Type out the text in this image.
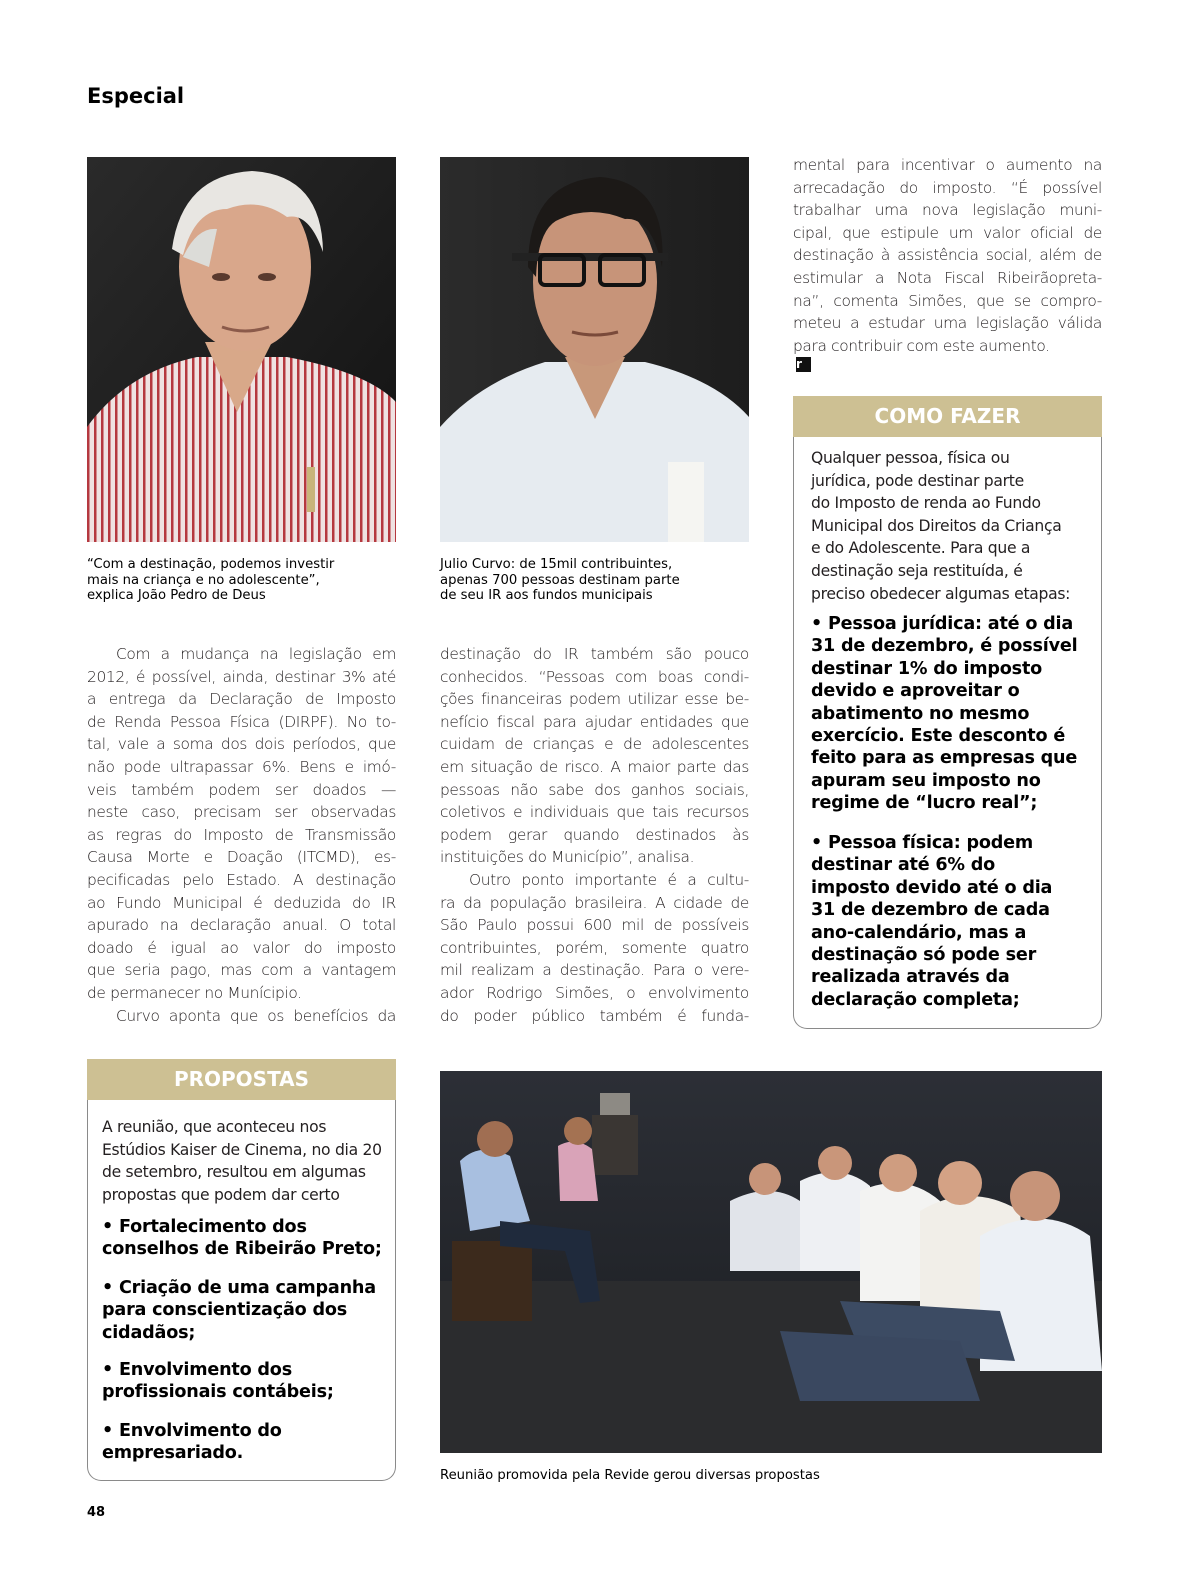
Especial
“Com a destinação, podemos investir
mais na criança e no adolescente”,
explica João Pedro de Deus
Julio Curvo: de 15mil contribuintes,
apenas 700 pessoas destinam parte
de seu IR aos fundos municipais
mental para incentivar o aumento na
arrecadação do imposto. “É possível
trabalhar uma nova legislação muni-
cipal, que estipule um valor oficial de
destinação à assistência social, além de
estimular a Nota Fiscal Ribeirãopreta-
na”, comenta Simões, que se compro-
meteu a estudar uma legislação válida
para contribuir com este aumento.
r
COMO FAZER
Qualquer pessoa, física ou
jurídica, pode destinar parte
do Imposto de renda ao Fundo
Municipal dos Direitos da Criança
e do Adolescente. Para que a
destinação seja restituída, é
preciso obedecer algumas etapas:
• Pessoa jurídica: até o dia
31 de dezembro, é possível
destinar 1% do imposto
devido e aproveitar o
abatimento no mesmo
exercício. Este desconto é
feito para as empresas que
apuram seu imposto no
regime de “lucro real”;
• Pessoa física: podem
destinar até 6% do
imposto devido até o dia
31 de dezembro de cada
ano-calendário, mas a
destinação só pode ser
realizada através da
declaração completa;
Com a mudança na legislação em
2012, é possível, ainda, destinar 3% até
a entrega da Declaração de Imposto
de Renda Pessoa Física (DIRPF). No to-
tal, vale a soma dos dois períodos, que
não pode ultrapassar 6%. Bens e imó-
veis também podem ser doados —
neste caso, precisam ser observadas
as regras do Imposto de Transmissão
Causa Morte e Doação (ITCMD), es-
pecificadas pelo Estado. A destinação
ao Fundo Municipal é deduzida do IR
apurado na declaração anual. O total
doado é igual ao valor do imposto
que seria pago, mas com a vantagem
de permanecer no Munícipio.
Curvo aponta que os benefícios da
destinação do IR também são pouco
conhecidos. “Pessoas com boas condi-
ções financeiras podem utilizar esse be-
nefício fiscal para ajudar entidades que
cuidam de crianças e de adolescentes
em situação de risco. A maior parte das
pessoas não sabe dos ganhos sociais,
coletivos e individuais que tais recursos
podem gerar quando destinados às
instituições do Município”, analisa.
Outro ponto importante é a cultu-
ra da população brasileira. A cidade de
São Paulo possui 600 mil de possíveis
contribuintes, porém, somente quatro
mil realizam a destinação. Para o vere-
ador Rodrigo Simões, o envolvimento
do poder público também é funda-
PROPOSTAS
A reunião, que aconteceu nos
Estúdios Kaiser de Cinema, no dia 20
de setembro, resultou em algumas
propostas que podem dar certo
• Fortalecimento dos
conselhos de Ribeirão Preto;
• Criação de uma campanha
para conscientização dos
cidadãos;
• Envolvimento dos
profissionais contábeis;
• Envolvimento do
empresariado.
Reunião promovida pela Revide gerou diversas propostas
48
